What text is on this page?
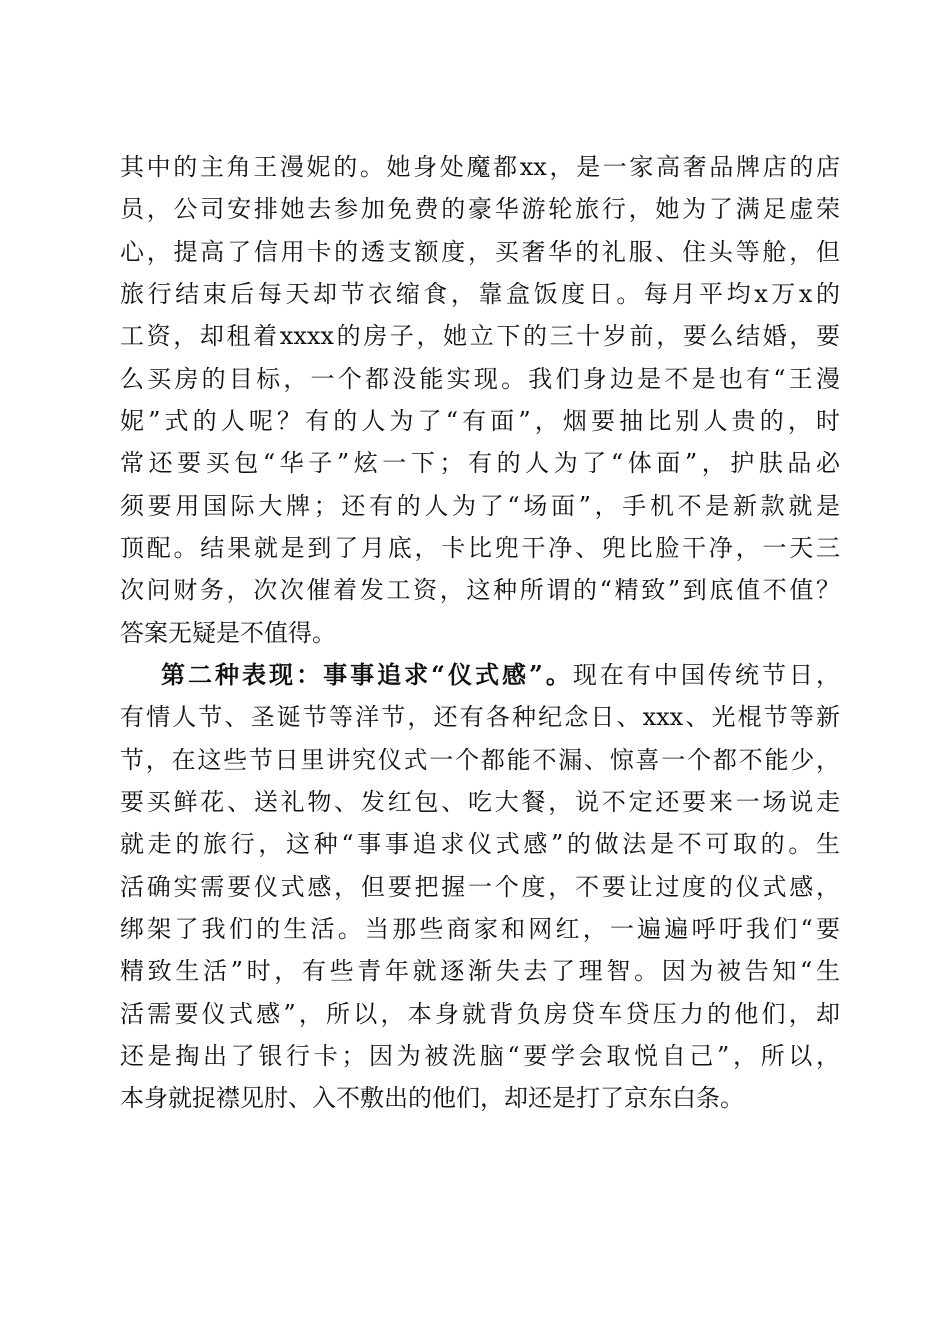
其中的主角王漫妮的。她身处魔都xx，是一家高奢品牌店的店
员，公司安排她去参加免费的豪华游轮旅行，她为了满足虚荣
心，提高了信用卡的透支额度，买奢华的礼服、住头等舱，但
旅行结束后每天却节衣缩食，靠盒饭度日。每月平均x万x的
工资，却租着xxxx的房子，她立下的三十岁前，要么结婚，要
么买房的目标，一个都没能实现。我们身边是不是也有“王漫
妮”式的人呢？有的人为了“有面”，烟要抽比别人贵的，时
常还要买包“华子”炫一下；有的人为了“体面”，护肤品必
须要用国际大牌；还有的人为了“场面”，手机不是新款就是
顶配。结果就是到了月底，卡比兜干净、兜比脸干净，一天三
次问财务，次次催着发工资，这种所谓的“精致”到底值不值？
答案无疑是不值得。
第二种表现：事事追求“仪式感”。现在有中国传统节日，
有情人节、圣诞节等洋节，还有各种纪念日、xxx、光棍节等新
节，在这些节日里讲究仪式一个都能不漏、惊喜一个都不能少，
要买鲜花、送礼物、发红包、吃大餐，说不定还要来一场说走
就走的旅行，这种“事事追求仪式感”的做法是不可取的。生
活确实需要仪式感，但要把握一个度，不要让过度的仪式感，
绑架了我们的生活。当那些商家和网红，一遍遍呼吁我们“要
精致生活”时，有些青年就逐渐失去了理智。因为被告知“生
活需要仪式感”，所以，本身就背负房贷车贷压力的他们，却
还是掏出了银行卡；因为被洗脑“要学会取悦自己”，所以，
本身就捉襟见肘、入不敷出的他们，却还是打了京东白条。
